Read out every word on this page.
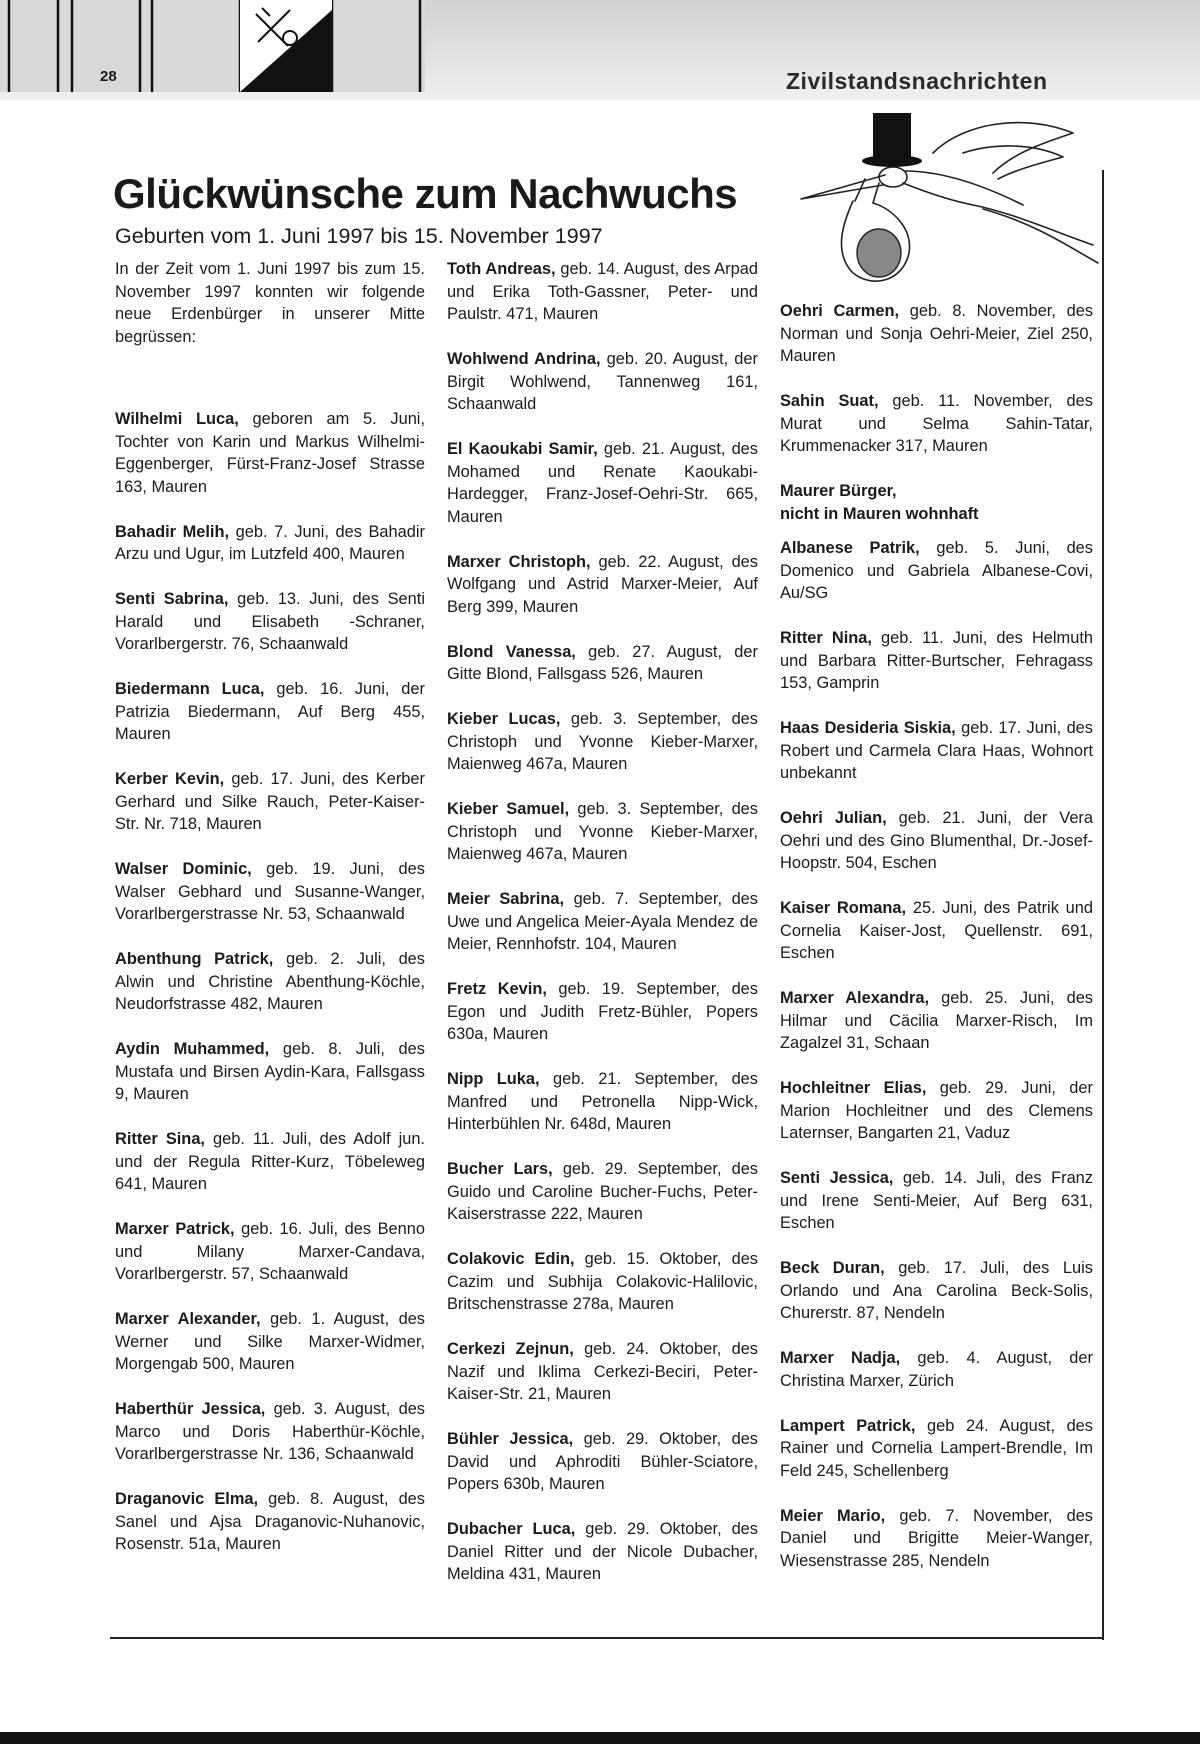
28	Zivilstandsnachrichten
Glückwünsche zum Nachwuchs
Geburten vom 1. Juni 1997 bis 15. November 1997

In der Zeit vom 1. Juni 1997 bis zum 15. November 1997 konnten wir folgende neue Erdenbürger in unserer Mitte begrüssen:

Wilhelmi Luca, geboren am 5. Juni, Tochter von Karin und Markus Wilhelmi-Eggenberger, Fürst-Franz-Josef Strasse 163, Mauren

Bahadir Melih, geb. 7. Juni, des Bahadir Arzu und Ugur, im Lutzfeld 400, Mauren

Senti Sabrina, geb. 13. Juni, des Senti Harald und Elisabeth -Schraner, Vorarlbergerstr. 76, Schaanwald

Biedermann Luca, geb. 16. Juni, der Patrizia Biedermann, Auf Berg 455, Mauren

Kerber Kevin, geb. 17. Juni, des Kerber Gerhard und Silke Rauch, Peter-Kaiser-Str. Nr. 718, Mauren

Walser Dominic, geb. 19. Juni, des Walser Gebhard und Susanne-Wanger, Vorarlbergerstrasse Nr. 53, Schaanwald

Abenthung Patrick, geb. 2. Juli, des Alwin und Christine Abenthung-Köchle, Neudorfstrasse 482, Mauren

Aydin Muhammed, geb. 8. Juli, des Mustafa und Birsen Aydin-Kara, Fallsgass 9, Mauren

Ritter Sina, geb. 11. Juli, des Adolf jun. und der Regula Ritter-Kurz, Töbeleweg 641, Mauren

Marxer Patrick, geb. 16. Juli, des Benno und Milany Marxer-Candava, Vorarlbergerstr. 57, Schaanwald

Marxer Alexander, geb. 1. August, des Werner und Silke Marxer-Widmer, Morgengab 500, Mauren

Haberthür Jessica, geb. 3. August, des Marco und Doris Haberthür-Köchle, Vorarlbergerstrasse Nr. 136, Schaanwald

Draganovic Elma, geb. 8. August, des Sanel und Ajsa Draganovic-Nuhanovic, Rosenstr. 51a, Mauren

Toth Andreas, geb. 14. August, des Arpad und Erika Toth-Gassner, Peter- und Paulstr. 471, Mauren

Wohlwend Andrina, geb. 20. August, der Birgit Wohlwend, Tannenweg 161, Schaanwald

El Kaoukabi Samir, geb. 21. August, des Mohamed und Renate Kaoukabi-Hardegger, Franz-Josef-Oehri-Str. 665, Mauren

Marxer Christoph, geb. 22. August, des Wolfgang und Astrid Marxer-Meier, Auf Berg 399, Mauren

Blond Vanessa, geb. 27. August, der Gitte Blond, Fallsgass 526, Mauren

Kieber Lucas, geb. 3. September, des Christoph und Yvonne Kieber-Marxer, Maienweg 467a, Mauren

Kieber Samuel, geb. 3. September, des Christoph und Yvonne Kieber-Marxer, Maienweg 467a, Mauren

Meier Sabrina, geb. 7. September, des Uwe und Angelica Meier-Ayala Mendez de Meier, Rennhofstr. 104, Mauren

Fretz Kevin, geb. 19. September, des Egon und Judith Fretz-Bühler, Popers 630a, Mauren

Nipp Luka, geb. 21. September, des Manfred und Petronella Nipp-Wick, Hinterbühlen Nr. 648d, Mauren

Bucher Lars, geb. 29. September, des Guido und Caroline Bucher-Fuchs, Peter-Kaiserstrasse 222, Mauren

Colakovic Edin, geb. 15. Oktober, des Cazim und Subhija Colakovic-Halilovic, Britschenstrasse 278a, Mauren

Cerkezi Zejnun, geb. 24. Oktober, des Nazif und Iklima Cerkezi-Beciri, Peter-Kaiser-Str. 21, Mauren

Bühler Jessica, geb. 29. Oktober, des David und Aphroditi Bühler-Sciatore, Popers 630b, Mauren

Dubacher Luca, geb. 29. Oktober, des Daniel Ritter und der Nicole Dubacher, Meldina 431, Mauren

Oehri Carmen, geb. 8. November, des Norman und Sonja Oehri-Meier, Ziel 250, Mauren

Sahin Suat, geb. 11. November, des Murat und Selma Sahin-Tatar, Krummenacker 317, Mauren

Maurer Bürger,
nicht in Mauren wohnhaft

Albanese Patrik, geb. 5. Juni, des Domenico und Gabriela Albanese-Covi, Au/SG

Ritter Nina, geb. 11. Juni, des Helmuth und Barbara Ritter-Burtscher, Fehragass 153, Gamprin

Haas Desideria Siskia, geb. 17. Juni, des Robert und Carmela Clara Haas, Wohnort unbekannt

Oehri Julian, geb. 21. Juni, der Vera Oehri und des Gino Blumenthal, Dr.-Josef-Hoopstr. 504, Eschen

Kaiser Romana, 25. Juni, des Patrik und Cornelia Kaiser-Jost, Quellenstr. 691, Eschen

Marxer Alexandra, geb. 25. Juni, des Hilmar und Cäcilia Marxer-Risch, Im Zagalzel 31, Schaan

Hochleitner Elias, geb. 29. Juni, der Marion Hochleitner und des Clemens Laternser, Bangarten 21, Vaduz

Senti Jessica, geb. 14. Juli, des Franz und Irene Senti-Meier, Auf Berg 631, Eschen

Beck Duran, geb. 17. Juli, des Luis Orlando und Ana Carolina Beck-Solis, Churerstr. 87, Nendeln

Marxer Nadja, geb. 4. August, der Christina Marxer, Zürich

Lampert Patrick, geb 24. August, des Rainer und Cornelia Lampert-Brendle, Im Feld 245, Schellenberg

Meier Mario, geb. 7. November, des Daniel und Brigitte Meier-Wanger, Wiesenstrasse 285, Nendeln
